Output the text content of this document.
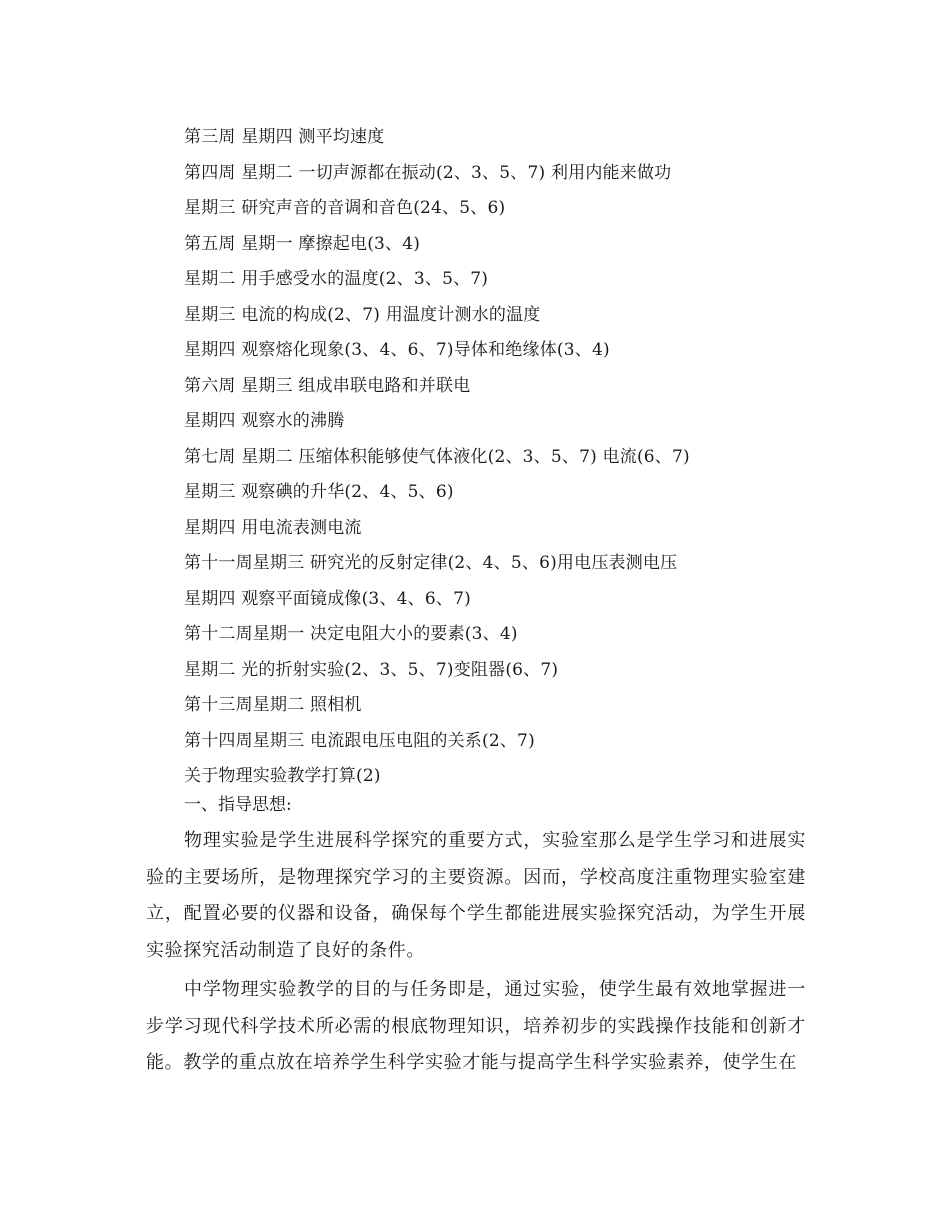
第三周 星期四 测平均速度
第四周 星期二 一切声源都在振动(2、3、5、7) 利用内能来做功
星期三 研究声音的音调和音色(24、5、6)
第五周 星期一 摩擦起电(3、4)
星期二 用手感受水的温度(2、3、5、7)
星期三 电流的构成(2、7) 用温度计测水的温度
星期四 观察熔化现象(3、4、6、7)导体和绝缘体(3、4)
第六周 星期三 组成串联电路和并联电
星期四 观察水的沸腾
第七周 星期二 压缩体积能够使气体液化(2、3、5、7) 电流(6、7)
星期三 观察碘的升华(2、4、5、6)
星期四 用电流表测电流
第十一周星期三 研究光的反射定律(2、4、5、6)用电压表测电压
星期四 观察平面镜成像(3、4、6、7)
第十二周星期一 决定电阻大小的要素(3、4)
星期二 光的折射实验(2、3、5、7)变阻器(6、7)
第十三周星期二 照相机
第十四周星期三 电流跟电压电阻的关系(2、7)
关于物理实验教学打算(2)
一、指导思想:

物理实验是学生进展科学探究的重要方式，实验室那么是学生学习和进展实验的主要场所，是物理探究学习的主要资源。因而，学校高度注重物理实验室建立，配置必要的仪器和设备，确保每个学生都能进展实验探究活动，为学生开展实验探究活动制造了良好的条件。

中学物理实验教学的目的与任务即是，通过实验，使学生最有效地掌握进一步学习现代科学技术所必需的根底物理知识，培养初步的实践操作技能和创新才能。教学的重点放在培养学生科学实验才能与提高学生科学实验素养，使学生在
